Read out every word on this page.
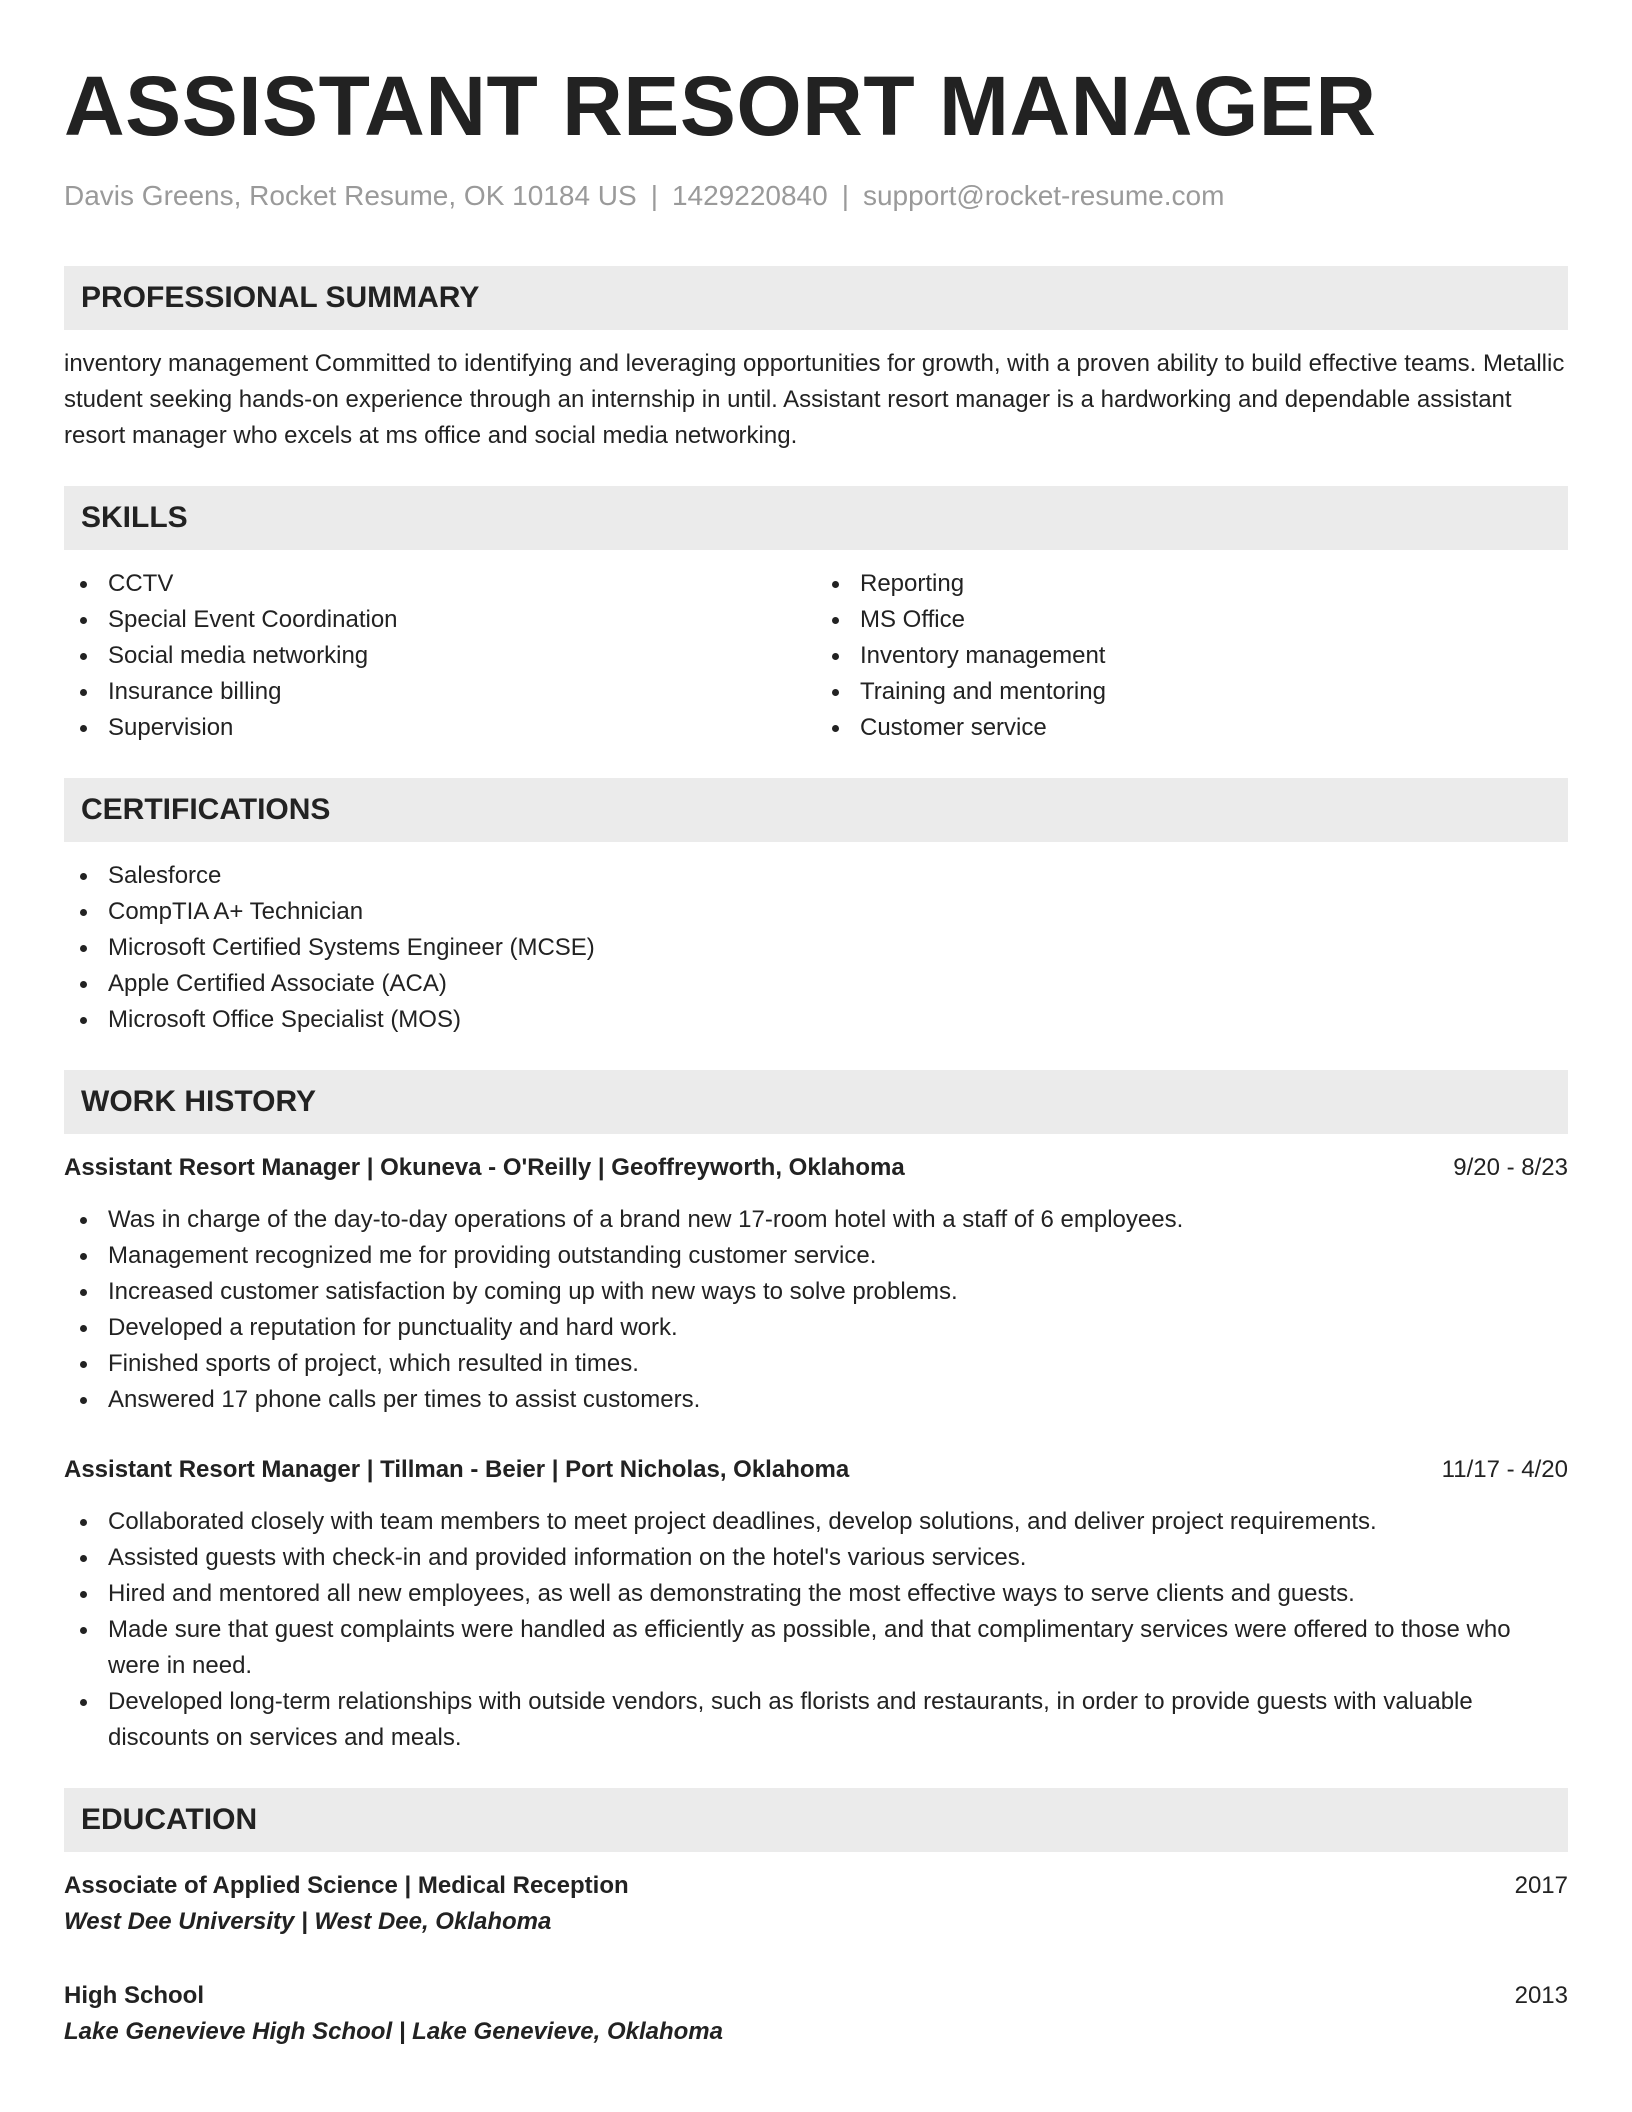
ASSISTANT RESORT MANAGER
Davis Greens, Rocket Resume, OK 10184 US | 1429220840 | support@rocket-resume.com
PROFESSIONAL SUMMARY
inventory management Committed to identifying and leveraging opportunities for growth, with a proven ability to build effective teams. Metallic student seeking hands-on experience through an internship in until. Assistant resort manager is a hardworking and dependable assistant resort manager who excels at ms office and social media networking.
SKILLS
CCTV
Special Event Coordination
Social media networking
Insurance billing
Supervision
Reporting
MS Office
Inventory management
Training and mentoring
Customer service
CERTIFICATIONS
Salesforce
CompTIA A+ Technician
Microsoft Certified Systems Engineer (MCSE)
Apple Certified Associate (ACA)
Microsoft Office Specialist (MOS)
WORK HISTORY
Assistant Resort Manager | Okuneva - O'Reilly | Geoffreyworth, Oklahoma	9/20 - 8/23
Was in charge of the day-to-day operations of a brand new 17-room hotel with a staff of 6 employees.
Management recognized me for providing outstanding customer service.
Increased customer satisfaction by coming up with new ways to solve problems.
Developed a reputation for punctuality and hard work.
Finished sports of project, which resulted in times.
Answered 17 phone calls per times to assist customers.
Assistant Resort Manager | Tillman - Beier | Port Nicholas, Oklahoma	11/17 - 4/20
Collaborated closely with team members to meet project deadlines, develop solutions, and deliver project requirements.
Assisted guests with check-in and provided information on the hotel's various services.
Hired and mentored all new employees, as well as demonstrating the most effective ways to serve clients and guests.
Made sure that guest complaints were handled as efficiently as possible, and that complimentary services were offered to those who were in need.
Developed long-term relationships with outside vendors, such as florists and restaurants, in order to provide guests with valuable discounts on services and meals.
EDUCATION
Associate of Applied Science | Medical Reception	2017
West Dee University | West Dee, Oklahoma
High School	2013
Lake Genevieve High School | Lake Genevieve, Oklahoma
